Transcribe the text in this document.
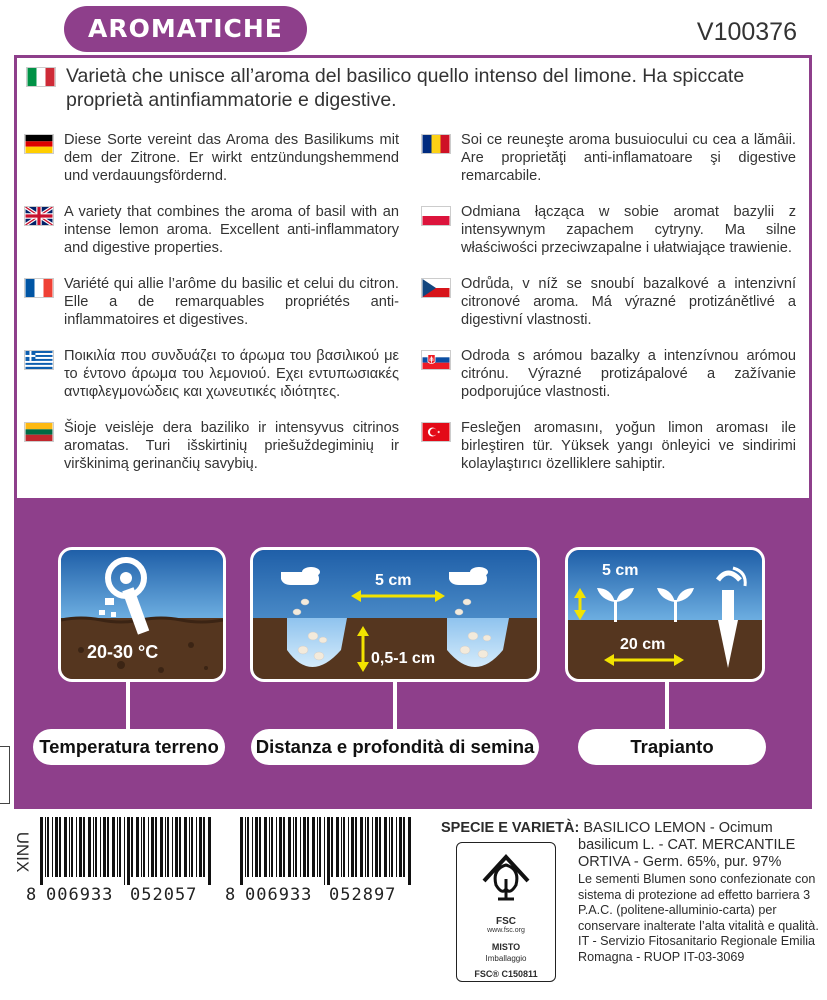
AROMATICHE	V100376

Varietà che unisce all’aroma del basilico quello intenso del limone. Ha spiccate proprietà antinfiammatorie e digestive.

Diese Sorte vereint das Aroma des Basilikums mit dem der Zitrone. Er wirkt entzündungshemmend und verdauungsfördernd.

A variety that combines the aroma of basil with an intense lemon aroma. Excellent anti-inflammatory and digestive properties.

Variété qui allie l’arôme du basilic et celui du citron. Elle a de remarquables propriétés anti-inflammatoires et digestives.

Ποικιλία που συνδυάζει το άρωμα του βασιλικού με το έντονο άρωμα του λεμονιού. Εχει εντυπωσιακές αντιφλεγμονώδεις και χωνευτικές ιδιότητες.

Šioje veislėje dera baziliko ir intensyvus citrinos aromatas. Turi išskirtinių priešuždegiminių ir virškinimą gerinančių savybių.

Soi ce reuneşte aroma busuiocului cu cea a lămâii. Are proprietăţi anti-inflamatoare şi digestive remarcabile.

Odmiana łącząca w sobie aromat bazylii z intensywnym zapachem cytryny. Ma silne właściwości przeciwzapalne i ułatwiające trawienie.

Odrůda, v níž se snoubí bazalkové a intenzivní citronové aroma. Má výrazné protizánětlivé a digestivní vlastnosti.

Odroda s arómou bazalky a intenzívnou arómou citrónu. Výrazné protizápalové a zažívanie podporujúce vlastnosti.

Fesleğen aromasını, yoğun limon aroması ile birleştiren tür. Yüksek yangı önleyici ve sindirimi kolaylaştırıcı özelliklere sahiptir.

20-30 °C
Temperatura terreno
5 cm
0,5-1 cm
Distanza e profondità di semina
5 cm
20 cm
Trapianto
UNIX
8 006933 052057 8 006933 052897
FSC
www.fsc.org
MISTO
Imballaggio
FSC® C150811
SPECIE E VARIETÀ: BASILICO LEMON - Ocimum
basilicum L. - CAT. MERCANTILE
ORTIVA - Germ. 65%, pur. 97%
Le sementi Blumen sono confezionate con sistema di protezione ad effetto barriera 3 P.A.C. (politene-alluminio-carta) per conservare inalterate l’alta vitalità e qualità. IT - Servizio Fitosanitario Regionale Emilia Romagna - RUOP IT-03-3069
